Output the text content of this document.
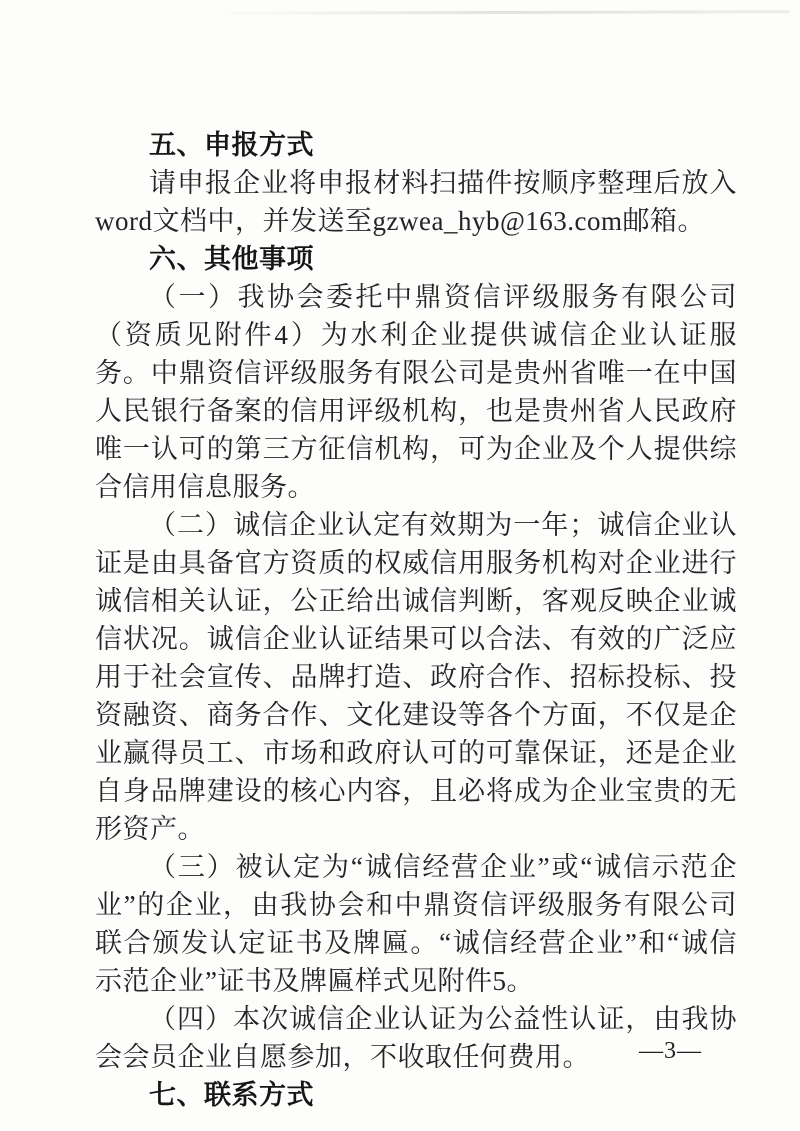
五、申报方式

请申报企业将申报材料扫描件按顺序整理后放入word文档中，并发送至gzwea_hyb@163.com邮箱。

六、其他事项

（一）我协会委托中鼎资信评级服务有限公司（资质见附件4）为水利企业提供诚信企业认证服务。中鼎资信评级服务有限公司是贵州省唯一在中国人民银行备案的信用评级机构，也是贵州省人民政府唯一认可的第三方征信机构，可为企业及个人提供综合信用信息服务。

（二）诚信企业认定有效期为一年；诚信企业认证是由具备官方资质的权威信用服务机构对企业进行诚信相关认证，公正给出诚信判断，客观反映企业诚信状况。诚信企业认证结果可以合法、有效的广泛应用于社会宣传、品牌打造、政府合作、招标投标、投资融资、商务合作、文化建设等各个方面，不仅是企业赢得员工、市场和政府认可的可靠保证，还是企业自身品牌建设的核心内容，且必将成为企业宝贵的无形资产。

（三）被认定为“诚信经营企业”或“诚信示范企业”的企业，由我协会和中鼎资信评级服务有限公司联合颁发认定证书及牌匾。“诚信经营企业”和“诚信示范企业”证书及牌匾样式见附件5。

（四）本次诚信企业认证为公益性认证，由我协会会员企业自愿参加，不收取任何费用。

七、联系方式
—3—
